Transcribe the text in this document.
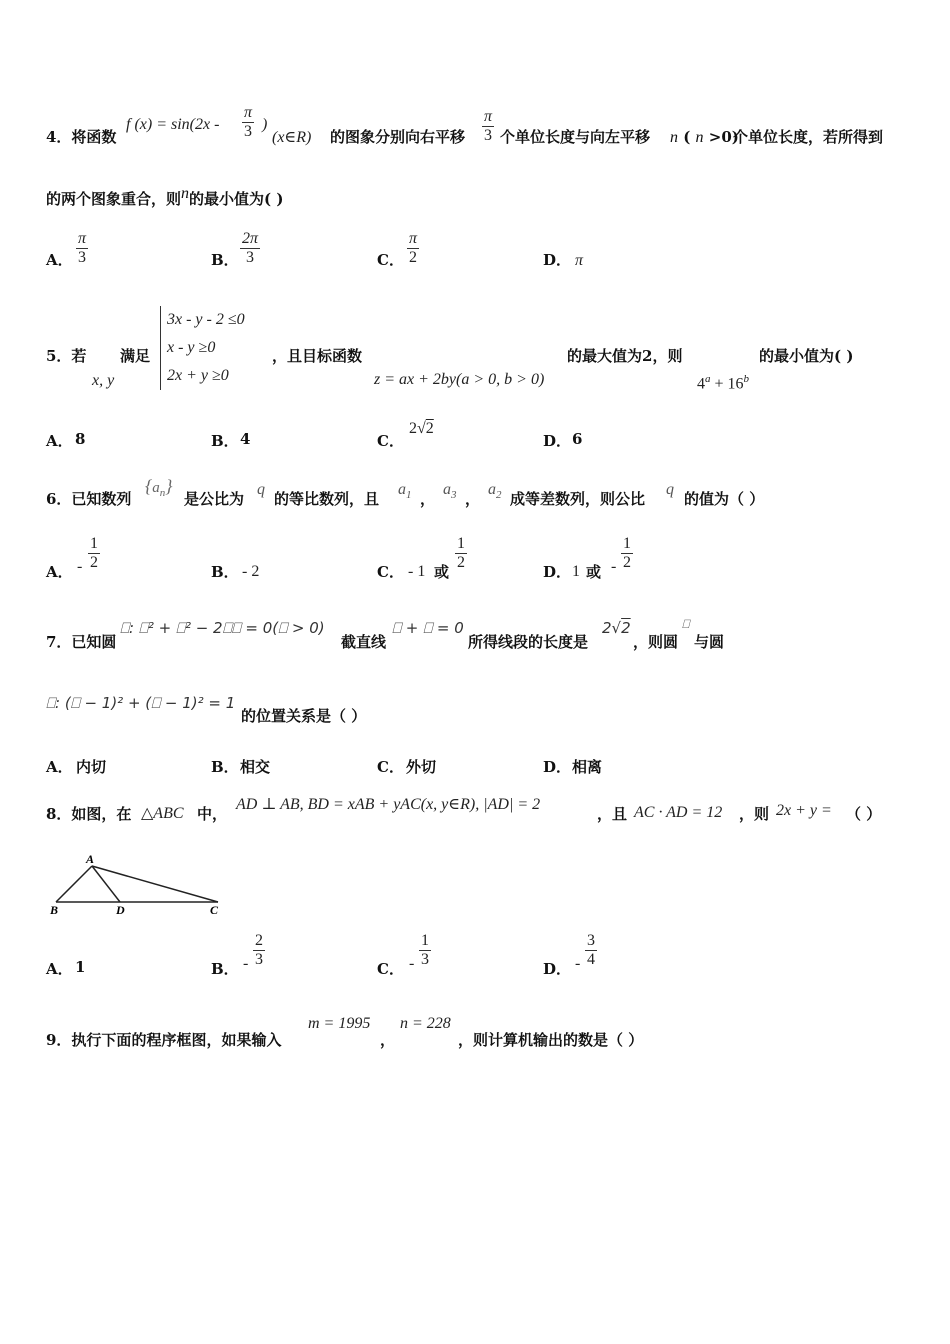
4．将函数
f $(x) = \sin(2x - \frac{\pi}{3}$ )
(x∈R) 的图象分别向右平移 $\frac{\pi}{3}$ 个单位长度与向左平移 n ( n >0)
个单位长度，若所得到
的两个图象重合，则n的最小值为( )
A． $\frac{\pi}{3}$	B． $\frac{2\pi}{3}$	C． $\frac{\pi}{2}$	D． π
5．若
x, y
满足
3x - y - 2 ≤0
x - y ≥0
2x + y ≥0
，且目标函数
z = ax + 2by(a > 0, b > 0)
的最大值为2，则
$4^a + 16^b$
的最小值为( )
A． 8	B． 4	C．
2√2
D． 6
6．已知数列
$\{a_n\}$
是公比为
q
的等比数列，且
$a_1$ ，
$a_3$ ，
$a_2$ 成等差数列，则公比
q
的值为（ ）
A． - $\frac{1}{2}$	B． - 2	C． - 1 或 $\frac{1}{2}$	D． 1 或 - $\frac{1}{2}$
7．已知圆
⎕: ⎕² + ⎕² − 2⎕⎕ = 0(⎕ > 0)
截直线
⎕ + ⎕ = 0
所得线段的长度是
2√2
，则圆
⎕
与圆
⎕: (⎕ − 1)² + (⎕ − 1)² = 1
的位置关系是（ ）
A． 内切	B． 相交	C． 外切	D． 相离
8．如图，在 △ABC 中，
AD ⊥ AB, BD = xAB + yAC(x, y∈R), |AD| = 2
，且 AC · AD = 12 ，则 2x + y = （ ）
A
B	D	C
A． 1	B． - $\frac{2}{3}$	C． - $\frac{1}{3}$	D． - $\frac{3}{4}$
9．执行下面的程序框图，如果输入
m = 1995
，
n = 228
，则计算机输出的数是（ ）
